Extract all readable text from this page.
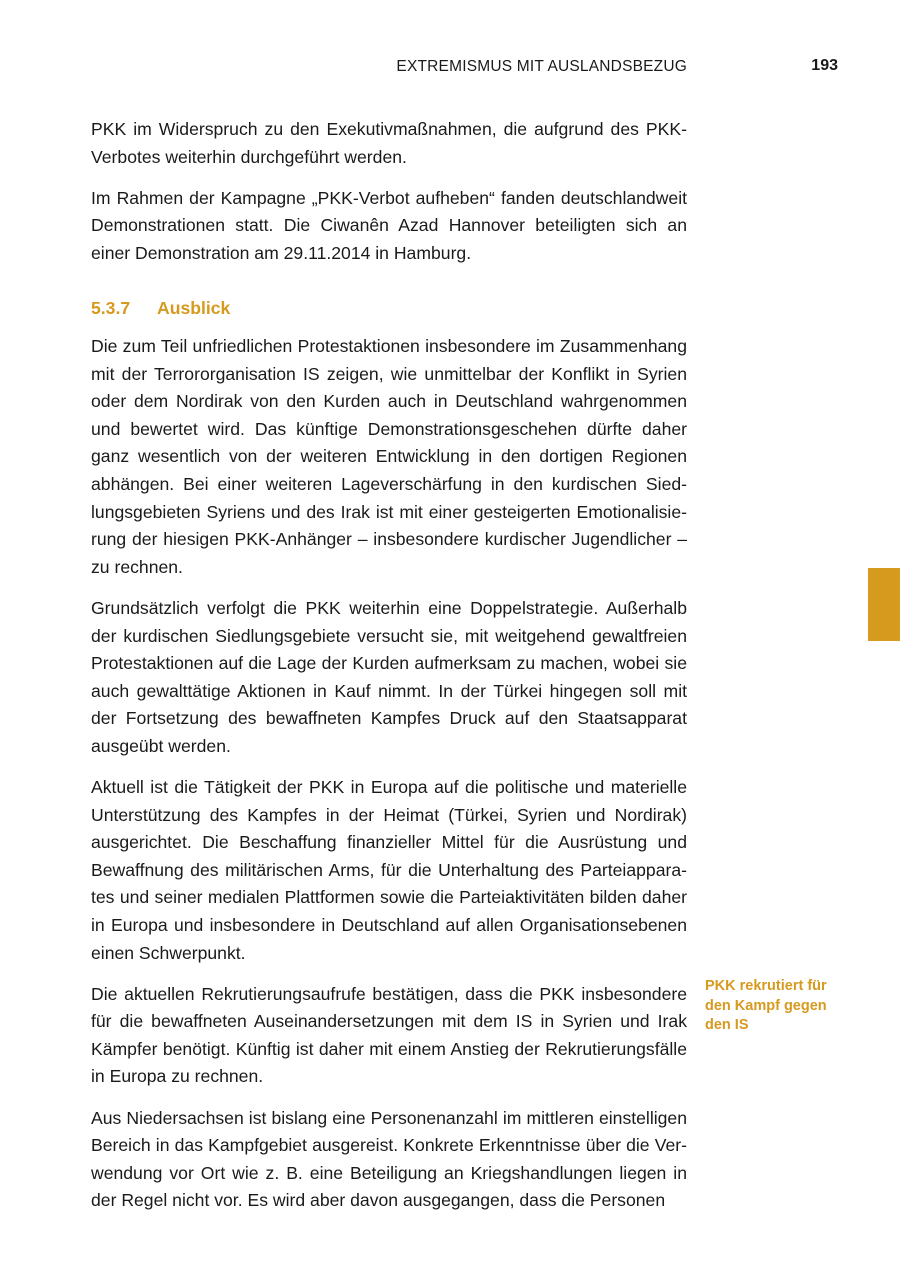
EXTREMISMUS MIT AUSLANDSBEZUG	193

PKK im Widerspruch zu den Exekutivmaßnahmen, die aufgrund des PKK-Verbotes weiterhin durchgeführt werden.

Im Rahmen der Kampagne „PKK-Verbot aufheben“ fanden deutschlandweit Demonstrationen statt. Die Ciwanên Azad Hannover beteiligten sich an einer Demonstration am 29.11.2014 in Hamburg.

5.3.7 Ausblick

Die zum Teil unfriedlichen Protestaktionen insbesondere im Zusammenhang mit der Terrororganisation IS zeigen, wie unmittelbar der Konflikt in Syrien oder dem Nordirak von den Kurden auch in Deutschland wahrgenommen und bewertet wird. Das künftige Demonstrationsgeschehen dürfte daher ganz wesentlich von der weiteren Entwicklung in den dortigen Regionen abhängen. Bei einer weiteren Lageverschärfung in den kurdischen Siedlungsgebieten Syriens und des Irak ist mit einer gesteigerten Emotionalisierung der hiesigen PKK-Anhänger – insbesondere kurdischer Jugendlicher – zu rechnen.

Grundsätzlich verfolgt die PKK weiterhin eine Doppelstrategie. Außerhalb der kurdischen Siedlungsgebiete versucht sie, mit weitgehend gewaltfreien Protestaktionen auf die Lage der Kurden aufmerksam zu machen, wobei sie auch gewalttätige Aktionen in Kauf nimmt. In der Türkei hingegen soll mit der Fortsetzung des bewaffneten Kampfes Druck auf den Staatsapparat ausgeübt werden.

Aktuell ist die Tätigkeit der PKK in Europa auf die politische und materielle Unterstützung des Kampfes in der Heimat (Türkei, Syrien und Nordirak) ausgerichtet. Die Beschaffung finanzieller Mittel für die Ausrüstung und Bewaffnung des militärischen Arms, für die Unterhaltung des Parteiapparates und seiner medialen Plattformen sowie die Parteiaktivitäten bilden daher in Europa und insbesondere in Deutschland auf allen Organisationsebenen einen Schwerpunkt.

Die aktuellen Rekrutierungsaufrufe bestätigen, dass die PKK insbesondere für die bewaffneten Auseinandersetzungen mit dem IS in Syrien und Irak Kämpfer benötigt. Künftig ist daher mit einem Anstieg der Rekrutierungsfälle in Europa zu rechnen.

Aus Niedersachsen ist bislang eine Personenanzahl im mittleren einstelligen Bereich in das Kampfgebiet ausgereist. Konkrete Erkenntnisse über die Verwendung vor Ort wie z. B. eine Beteiligung an Kriegshandlungen liegen in der Regel nicht vor. Es wird aber davon ausgegangen, dass die Personen

PKK rekrutiert für den Kampf gegen den IS
